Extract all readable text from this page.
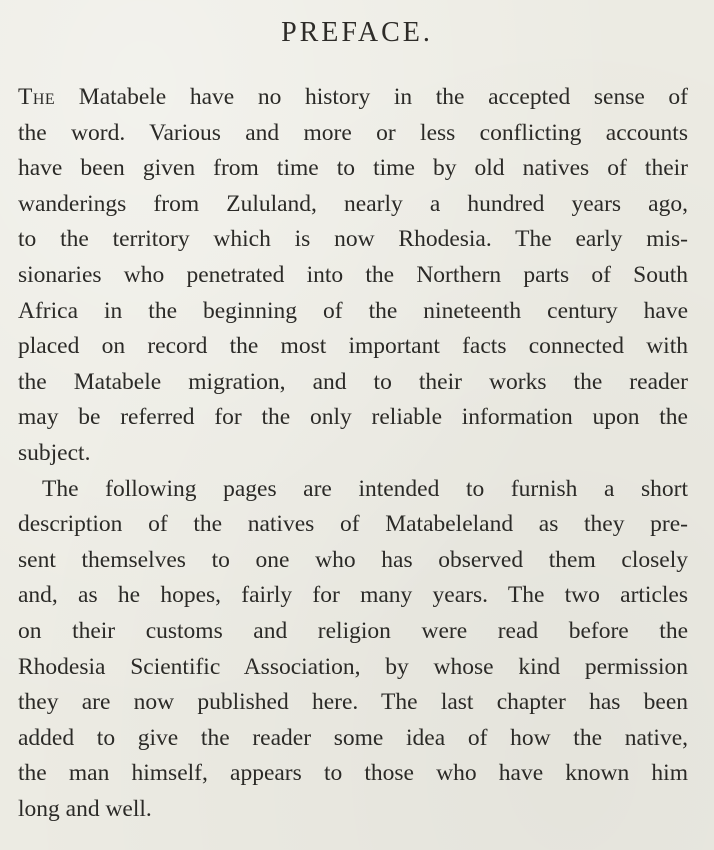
PREFACE.
The Matabele have no history in the accepted sense of
the word. Various and more or less conflicting accounts
have been given from time to time by old natives of their
wanderings from Zululand, nearly a hundred years ago,
to the territory which is now Rhodesia. The early mis-
sionaries who penetrated into the Northern parts of South
Africa in the beginning of the nineteenth century have
placed on record the most important facts connected with
the Matabele migration, and to their works the reader
may be referred for the only reliable information upon the
subject.
The following pages are intended to furnish a short
description of the natives of Matabeleland as they pre-
sent themselves to one who has observed them closely
and, as he hopes, fairly for many years. The two articles
on their customs and religion were read before the
Rhodesia Scientific Association, by whose kind permission
they are now published here. The last chapter has been
added to give the reader some idea of how the native,
the man himself, appears to those who have known him
long and well.
